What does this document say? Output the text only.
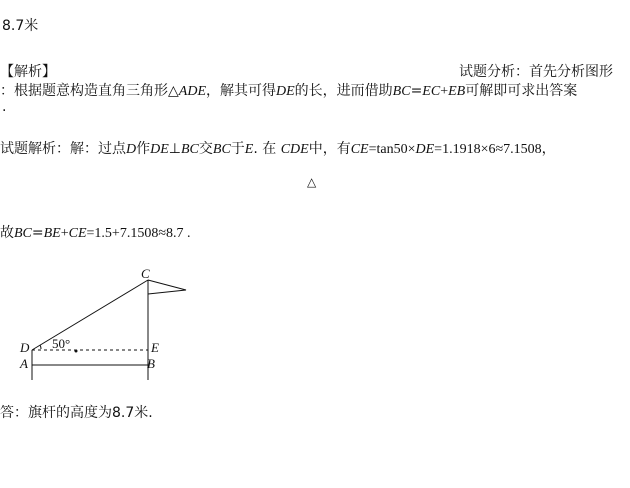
8.7米
【解析】	试题分析：首先分析图形
：根据题意构造直角三角形△ADE，解其可得DE的长，进而借助BC=EC+EB可解即可求出答案
.
试题解析：解：过点D作DE⊥BC交BC于E. 在 CDE中，有CE=tan50×DE=1.1918×6≈7.1508，
△
故BC=BE+CE=1.5+7.1508≈8.7 .
C
D	E
A	B
50°
答：旗杆的高度为8.7米.
